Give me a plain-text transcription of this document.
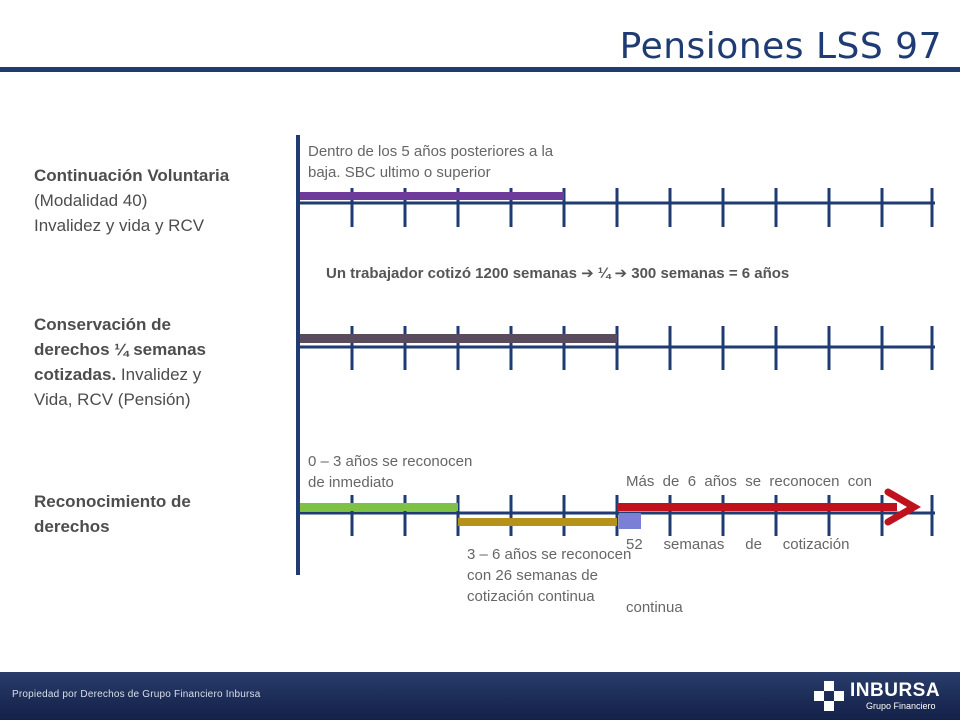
Pensiones LSS 97
Continuación Voluntaria
(Modalidad 40)
Invalidez y vida y RCV
Conservación de
derechos ¼ semanas
cotizadas. Invalidez y
Vida, RCV (Pensión)
Reconocimiento de
derechos
Dentro de los 5 años posteriores a la
baja. SBC ultimo o superior
Un trabajador cotizó 1200 semanas ➔ ¼ ➔ 300 semanas = 6 años
0 – 3 años se reconocen
de inmediato
3 – 6 años se reconocen
con 26 semanas de
cotización continua

Más  de  6  años  se  reconocen  con

52     semanas     de     cotización

continua

Propiedad por Derechos de Grupo Financiero Inbursa	INBURSA
Grupo Financiero
